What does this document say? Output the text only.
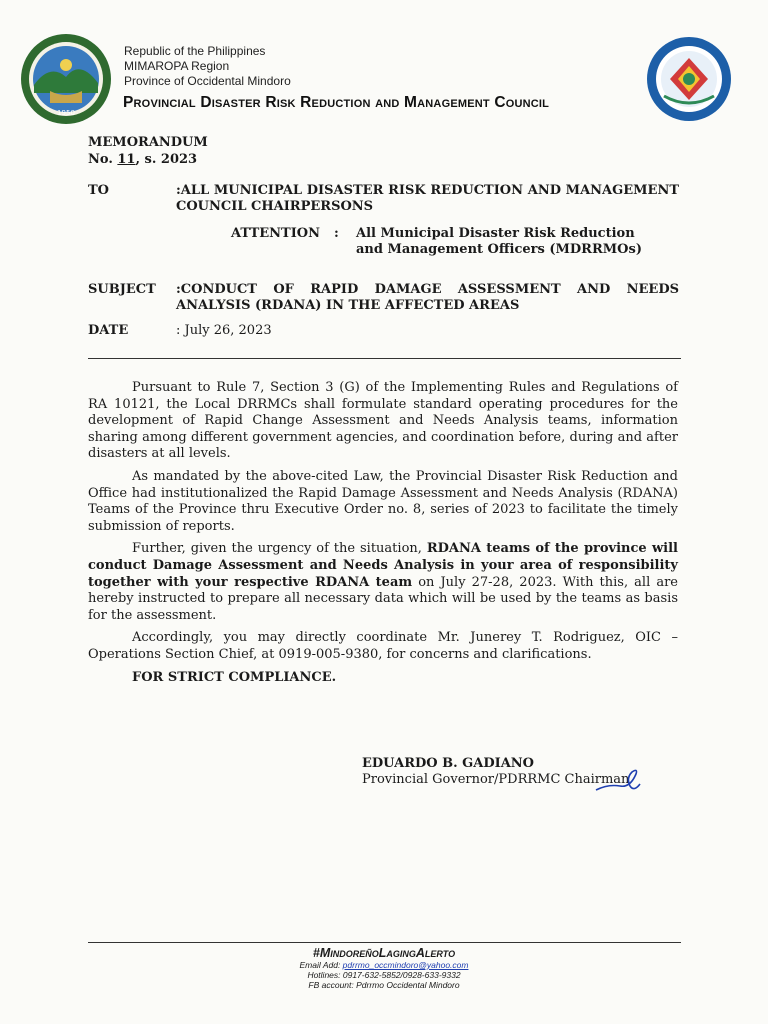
1950
Republic of the Philippines
MIMAROPA Region
Province of Occidental Mindoro
Provincial Disaster Risk Reduction and Management Council
MEMORANDUM
No. 11, s. 2023
TO	:ALL MUNICIPAL DISASTER RISK REDUCTION AND MANAGEMENT COUNCIL CHAIRPERSONS
ATTENTION : All Municipal Disaster Risk Reduction and Management Officers (MDRRMOs)
SUBJECT :CONDUCT OF RAPID DAMAGE ASSESSMENT AND NEEDS ANALYSIS (RDANA) IN THE AFFECTED AREAS
DATE	: July 26, 2023

Pursuant to Rule 7, Section 3 (G) of the Implementing Rules and Regulations of RA 10121, the Local DRRMCs shall formulate standard operating procedures for the development of Rapid Change Assessment and Needs Analysis teams, information sharing among different government agencies, and coordination before, during and after disasters at all levels.

As mandated by the above-cited Law, the Provincial Disaster Risk Reduction and Office had institutionalized the Rapid Damage Assessment and Needs Analysis (RDANA) Teams of the Province thru Executive Order no. 8, series of 2023 to facilitate the timely submission of reports.

Further, given the urgency of the situation, RDANA teams of the province will conduct Damage Assessment and Needs Analysis in your area of responsibility together with your respective RDANA team on July 27-28, 2023. With this, all are hereby instructed to prepare all necessary data which will be used by the teams as basis for the assessment.

Accordingly, you may directly coordinate Mr. Junerey T. Rodriguez, OIC – Operations Section Chief, at 0919-005-9380, for concerns and clarifications.

FOR STRICT COMPLIANCE.

EDUARDO B. GADIANO
Provincial Governor/PDRRMC Chairman
#MindoreñoLagingAlerto
Email Add: pdrrmo_occmindoro@yahoo.com
Hotlines: 0917-632-5852/0928-633-9332
FB account: Pdrrmo Occidental Mindoro
